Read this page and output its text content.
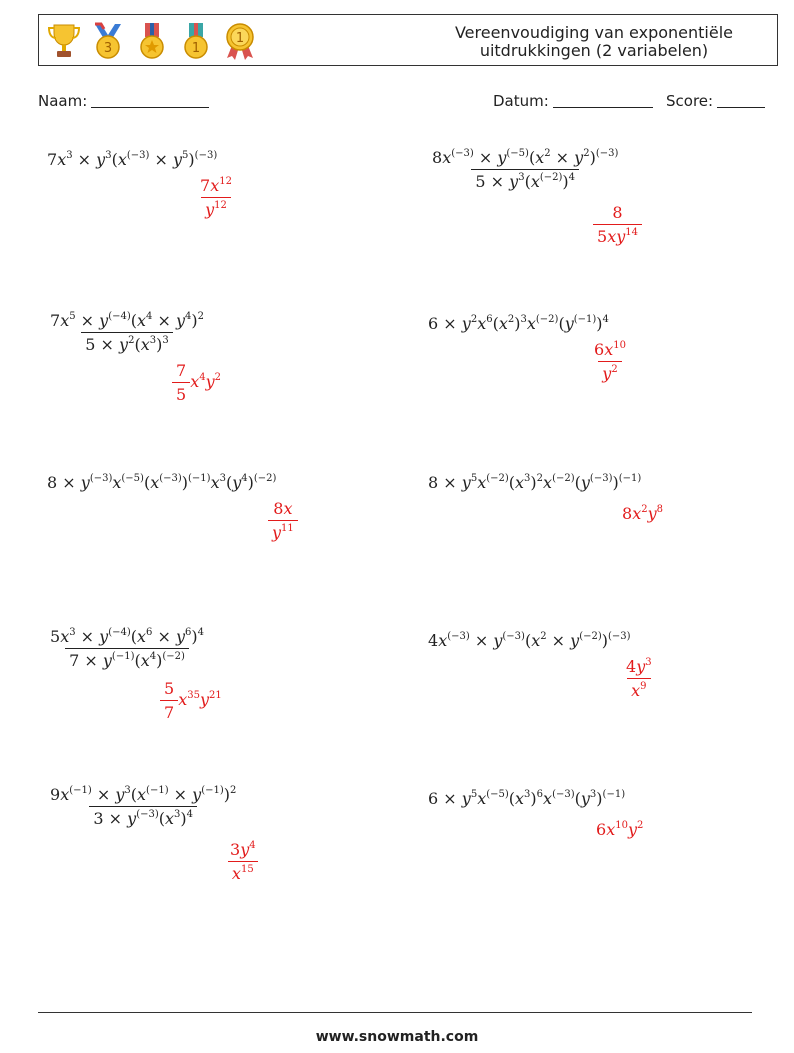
3	1
1	Vereenvoudiging van exponentiële
uitdrukkingen (2 variabelen)
Naam:	Datum:	Score:
$7x^3 \times y^3(x^{(-3)} \times y^5)^{(-3)}$
$\frac{7x^{12}}{y^{12}}$
$\frac{8x^{(-3)} \times y^{(-5)}(x^2 \times y^2)^{(-3)}}{5 \times y^3(x^{(-2)})^4}$
$\frac{8}{5xy^{14}}$
$\frac{7x^5 \times y^{(-4)}(x^4 \times y^4)^2}{5 \times y^2(x^3)^3}$
$\frac{7}{5} x^4y^2$
$6 \times y^2x^6(x^2)^3x^{(-2)}(y^{(-1)})^4$
$\frac{6x^{10}}{y^2}$
$8 \times y^{(-3)}x^{(-5)}(x^{(-3)})^{(-1)}x^3(y^4)^{(-2)}$
$\frac{8x}{y^{11}}$
$8 \times y^5x^{(-2)}(x^3)^2x^{(-2)}(y^{(-3)})^{(-1)}$
$8x^2y^8$
$\frac{5x^3 \times y^{(-4)}(x^6 \times y^6)^4}{7 \times y^{(-1)}(x^4)^{(-2)}}$
$\frac{5}{7} x^{35}y^{21}$
$4x^{(-3)} \times y^{(-3)}(x^2 \times y^{(-2)})^{(-3)}$
$\frac{4y^3}{x^9}$
$\frac{9x^{(-1)} \times y^3(x^{(-1)} \times y^{(-1)})^2}{3 \times y^{(-3)}(x^3)^4}$
$\frac{3y^4}{x^{15}}$
$6 \times y^5x^{(-5)}(x^3)^6x^{(-3)}(y^3)^{(-1)}$
$6x^{10}y^2$
www.snowmath.com
